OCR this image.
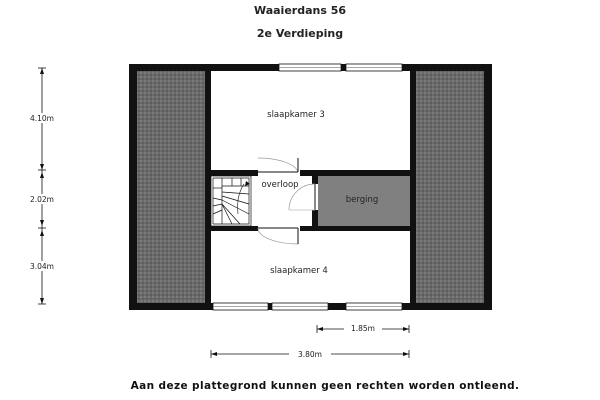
Waaierdans 56
2e Verdieping
slaapkamer 3
overloop
berging
slaapkamer 4
4.10m
2.02m
3.04m
1.85m
3.80m
Aan deze plattegrond kunnen geen rechten worden ontleend.
